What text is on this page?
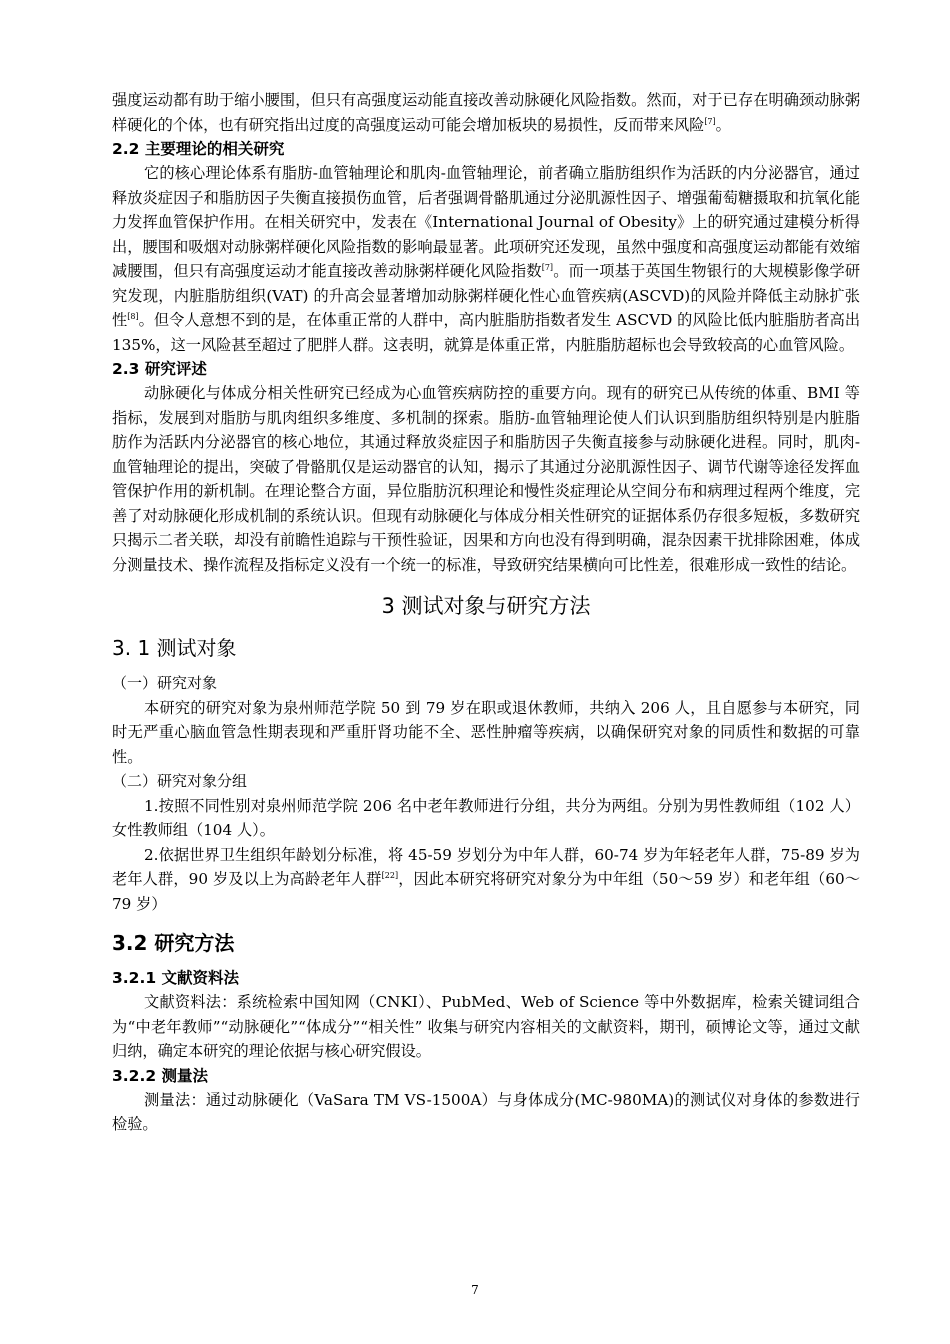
强度运动都有助于缩小腰围，但只有高强度运动能直接改善动脉硬化风险指数。然而，对于已存在明确颈动脉粥样硬化的个体，也有研究指出过度的高强度运动可能会增加板块的易损性，反而带来风险[7]。

2.2 主要理论的相关研究

它的核心理论体系有脂肪-血管轴理论和肌肉-血管轴理论，前者确立脂肪组织作为活跃的内分泌器官，通过释放炎症因子和脂肪因子失衡直接损伤血管，后者强调骨骼肌通过分泌肌源性因子、增强葡萄糖摄取和抗氧化能力发挥血管保护作用。在相关研究中，发表在《International Journal of Obesity》上的研究通过建模分析得出，腰围和吸烟对动脉粥样硬化风险指数的影响最显著。此项研究还发现，虽然中强度和高强度运动都能有效缩减腰围，但只有高强度运动才能直接改善动脉粥样硬化风险指数[7]。而一项基于英国生物银行的大规模影像学研究发现，内脏脂肪组织(VAT) 的升高会显著增加动脉粥样硬化性心血管疾病(ASCVD)的风险并降低主动脉扩张性[8]。但令人意想不到的是，在体重正常的人群中，高内脏脂肪指数者发生 ASCVD 的风险比低内脏脂肪者高出 135%，这一风险甚至超过了肥胖人群。这表明，就算是体重正常，内脏脂肪超标也会导致较高的心血管风险。

2.3 研究评述

动脉硬化与体成分相关性研究已经成为心血管疾病防控的重要方向。现有的研究已从传统的体重、BMI 等指标，发展到对脂肪与肌肉组织多维度、多机制的探索。脂肪-血管轴理论使人们认识到脂肪组织特别是内脏脂肪作为活跃内分泌器官的核心地位，其通过释放炎症因子和脂肪因子失衡直接参与动脉硬化进程。同时，肌肉-血管轴理论的提出，突破了骨骼肌仅是运动器官的认知，揭示了其通过分泌肌源性因子、调节代谢等途径发挥血管保护作用的新机制。在理论整合方面，异位脂肪沉积理论和慢性炎症理论从空间分布和病理过程两个维度，完善了对动脉硬化形成机制的系统认识。但现有动脉硬化与体成分相关性研究的证据体系仍存很多短板，多数研究只揭示二者关联，却没有前瞻性追踪与干预性验证，因果和方向也没有得到明确，混杂因素干扰排除困难，体成分测量技术、操作流程及指标定义没有一个统一的标准，导致研究结果横向可比性差，很难形成一致性的结论。

3 测试对象与研究方法
3. 1 测试对象

（一）研究对象

本研究的研究对象为泉州师范学院 50 到 79 岁在职或退休教师，共纳入 206 人，且自愿参与本研究，同时无严重心脑血管急性期表现和严重肝肾功能不全、恶性肿瘤等疾病，以确保研究对象的同质性和数据的可靠性。

（二）研究对象分组

1.按照不同性别对泉州师范学院 206 名中老年教师进行分组，共分为两组。分别为男性教师组（102 人）女性教师组（104 人）。

2.依据世界卫生组织年龄划分标准，将 45-59 岁划分为中年人群，60-74 岁为年轻老年人群，75-89 岁为老年人群，90 岁及以上为高龄老年人群[22]，因此本研究将研究对象分为中年组（50～59 岁）和老年组（60～79 岁）

3.2 研究方法
3.2.1 文献资料法

文献资料法：系统检索中国知网（CNKI）、PubMed、Web of Science 等中外数据库，检索关键词组合为“中老年教师”“动脉硬化”“体成分”“相关性” 收集与研究内容相关的文献资料，期刊，硕博论文等，通过文献归纳，确定本研究的理论依据与核心研究假设。

3.2.2 测量法

测量法：通过动脉硬化（VaSara TM VS-1500A）与身体成分(MC-980MA)的测试仪对身体的参数进行检验。

7
